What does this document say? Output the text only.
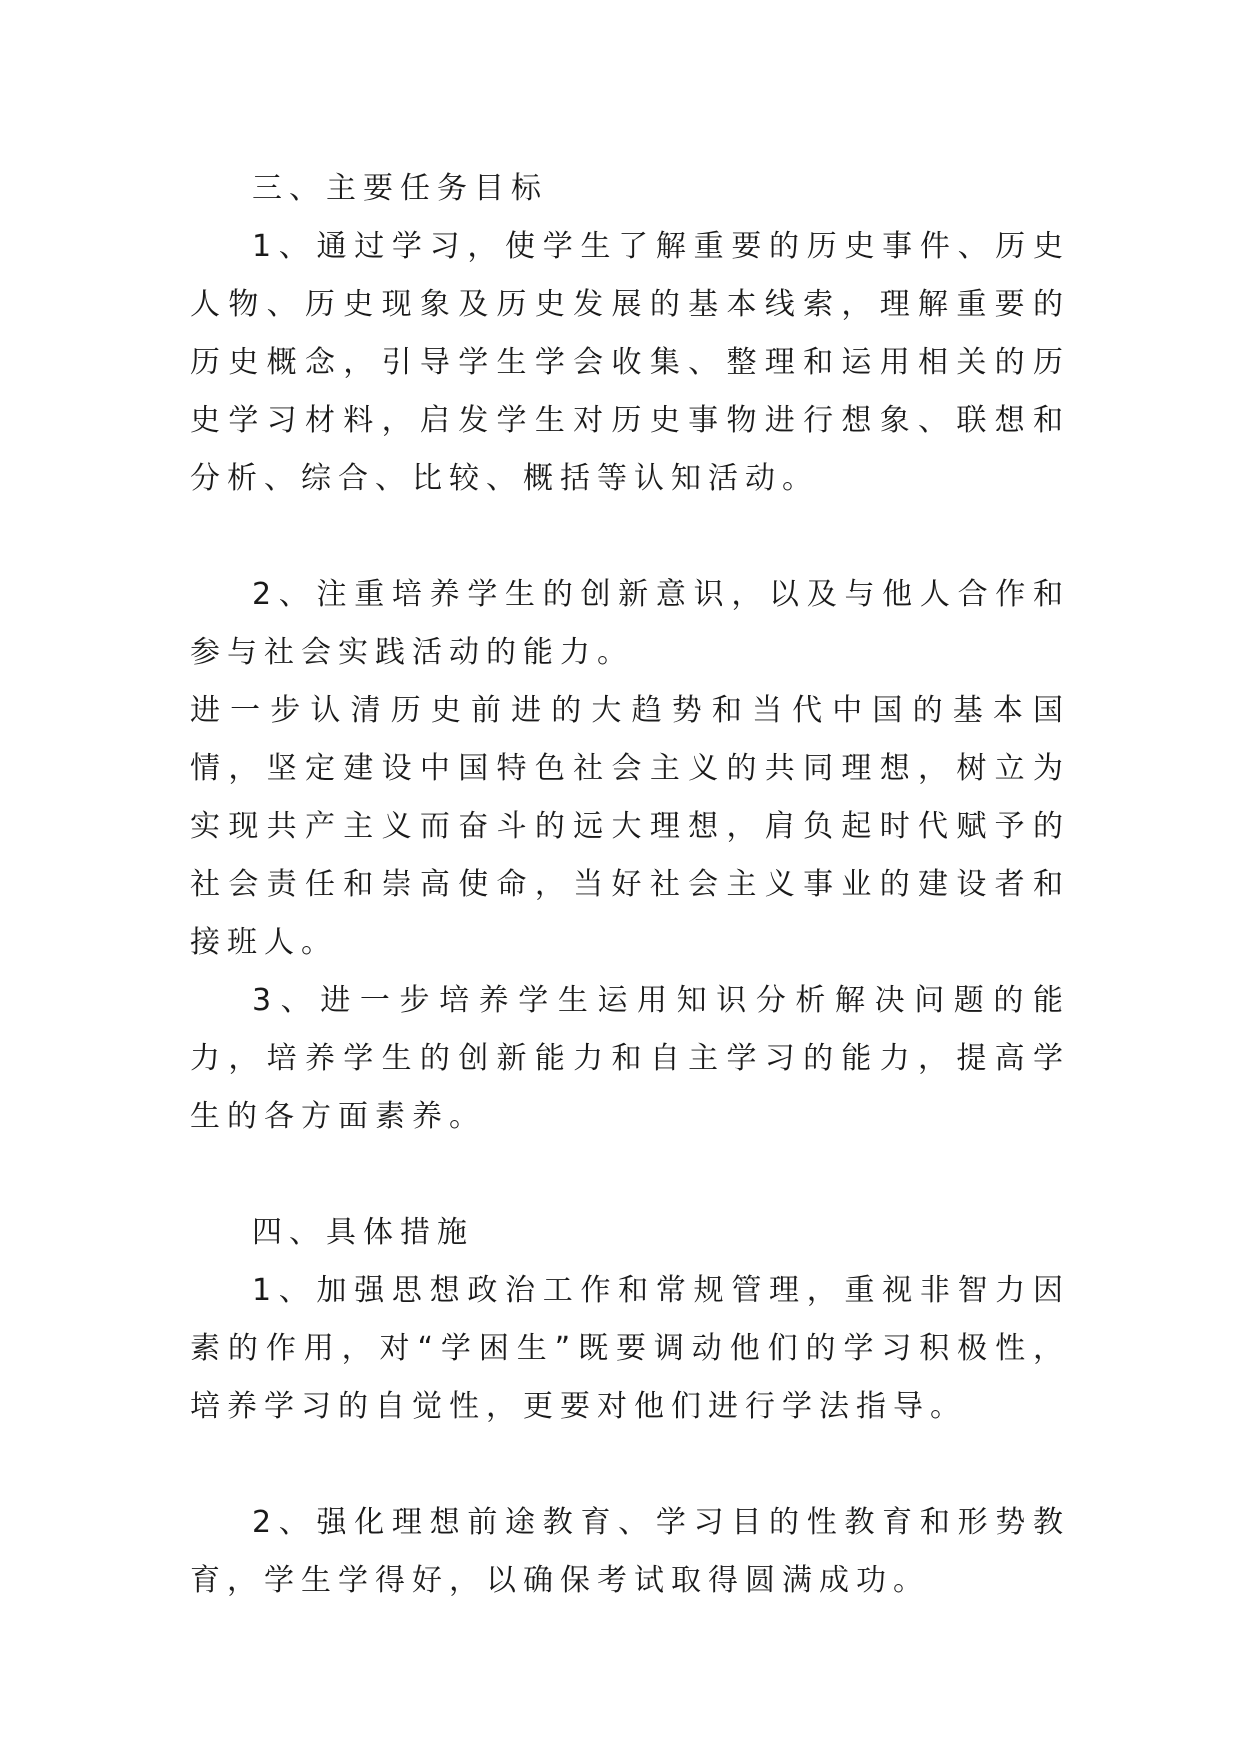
三、主要任务目标

1、通过学习，使学生了解重要的历史事件、历史人物、历史现象及历史发展的基本线索，理解重要的历史概念，引导学生学会收集、整理和运用相关的历史学习材料，启发学生对历史事物进行想象、联想和分析、综合、比较、概括等认知活动。

2、注重培养学生的创新意识，以及与他人合作和参与社会实践活动的能力。

进一步认清历史前进的大趋势和当代中国的基本国情，坚定建设中国特色社会主义的共同理想，树立为实现共产主义而奋斗的远大理想，肩负起时代赋予的社会责任和崇高使命，当好社会主义事业的建设者和接班人。

3、进一步培养学生运用知识分析解决问题的能力，培养学生的创新能力和自主学习的能力，提高学生的各方面素养。

四、具体措施

1、加强思想政治工作和常规管理，重视非智力因素的作用，对“学困生”既要调动他们的学习积极性，培养学习的自觉性，更要对他们进行学法指导。

2、强化理想前途教育、学习目的性教育和形势教育，学生学得好，以确保考试取得圆满成功。
